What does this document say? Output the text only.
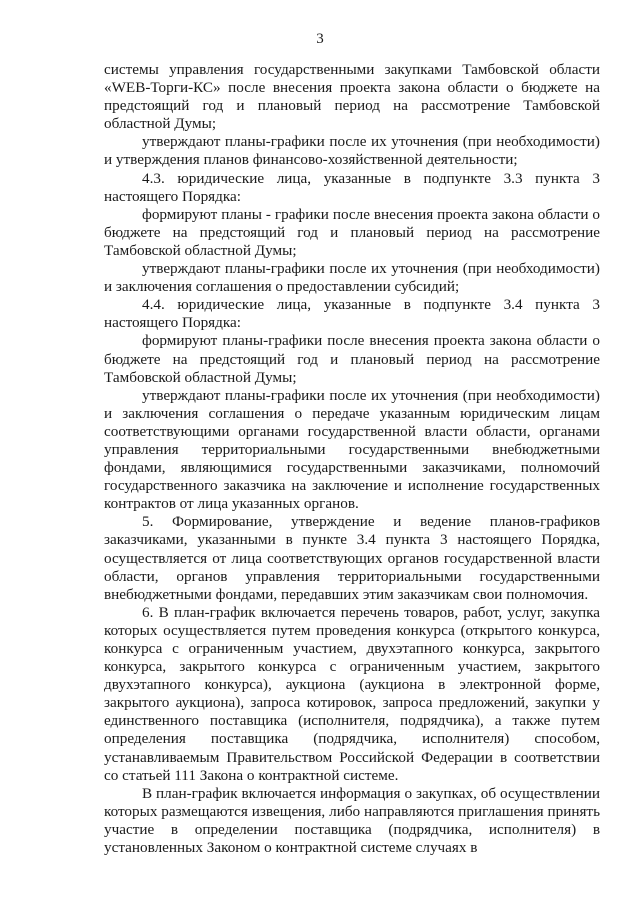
3

системы управления государственными закупками Тамбовской области «WEB-Торги-КС» после внесения проекта закона области о бюджете на предстоящий год и плановый период на рассмотрение Тамбовской областной Думы;

утверждают планы-графики после их уточнения (при необходимости) и утверждения планов финансово-хозяйственной деятельности;

4.3. юридические лица, указанные в подпункте 3.3 пункта 3 настоящего Порядка:

формируют планы - графики после внесения проекта закона области о бюджете на предстоящий год и плановый период на рассмотрение Тамбовской областной Думы;

утверждают планы-графики после их уточнения (при необходимости) и заключения соглашения о предоставлении субсидий;

4.4. юридические лица, указанные в подпункте 3.4 пункта 3 настоящего Порядка:

формируют планы-графики после внесения проекта закона области о бюджете на предстоящий год и плановый период на рассмотрение Тамбовской областной Думы;

утверждают планы-графики после их уточнения (при необходимости) и заключения соглашения о передаче указанным юридическим лицам соответствующими органами государственной власти области, органами управления территориальными государственными внебюджетными фондами, являющимися государственными заказчиками, полномочий государственного заказчика на заключение и исполнение государственных контрактов от лица указанных органов.

5. Формирование, утверждение и ведение планов-графиков заказчиками, указанными в пункте 3.4 пункта 3 настоящего Порядка, осуществляется от лица соответствующих органов государственной власти области, органов управления территориальными государственными внебюджетными фондами, передавших этим заказчикам свои полномочия.

6. В план-график включается перечень товаров, работ, услуг, закупка которых осуществляется путем проведения конкурса (открытого конкурса, конкурса с ограниченным участием, двухэтапного конкурса, закрытого конкурса, закрытого конкурса с ограниченным участием, закрытого двухэтапного конкурса), аукциона (аукциона в электронной форме, закрытого аукциона), запроса котировок, запроса предложений, закупки у единственного поставщика (исполнителя, подрядчика), а также путем определения поставщика (подрядчика, исполнителя) способом, устанавливаемым Правительством Российской Федерации в соответствии со статьей 111 Закона о контрактной системе.

В план-график включается информация о закупках, об осуществлении которых размещаются извещения, либо направляются приглашения принять участие в определении поставщика (подрядчика, исполнителя) в установленных Законом о контрактной системе случаях в
